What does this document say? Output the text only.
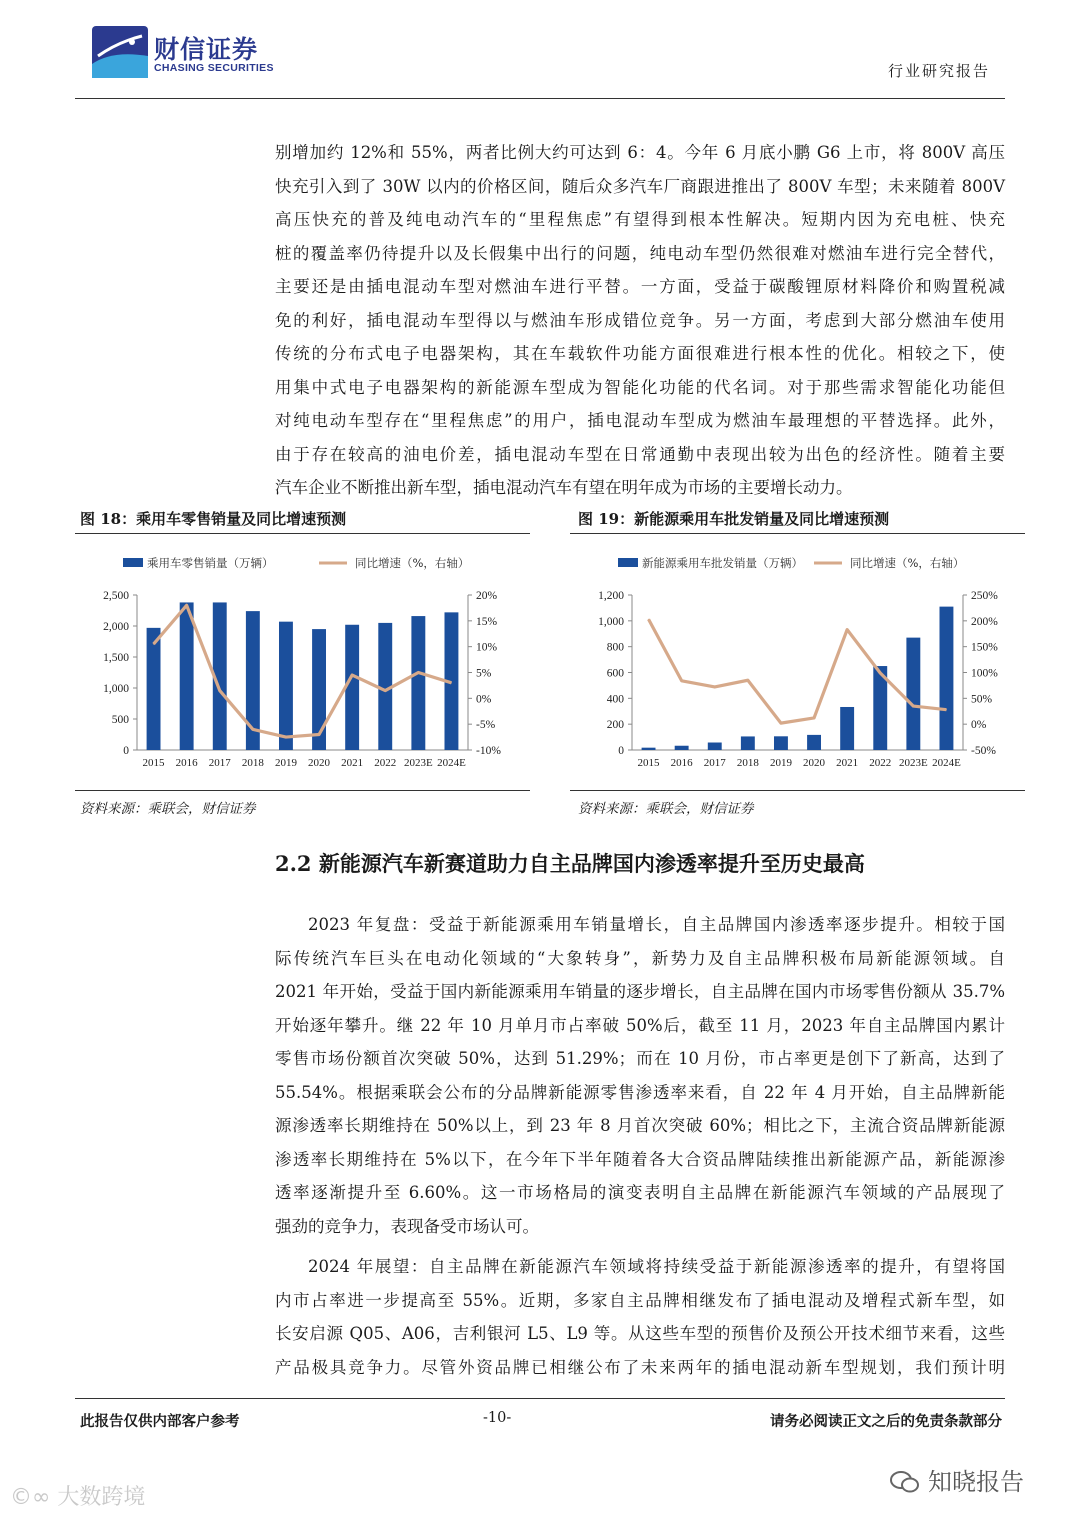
财信证券
CHASING SECURITIES	行业研究报告
别增加约 12%和 55%，两者比例大约可达到 6：4。今年 6 月底小鹏 G6 上市，将 800V 高压
快充引入到了 30W 以内的价格区间，随后众多汽车厂商跟进推出了 800V 车型；未来随着 800V
高压快充的普及纯电动汽车的“里程焦虑”有望得到根本性解决。短期内因为充电桩、快充
桩的覆盖率仍待提升以及长假集中出行的问题，纯电动车型仍然很难对燃油车进行完全替代，
主要还是由插电混动车型对燃油车进行平替。一方面，受益于碳酸锂原材料降价和购置税减
免的利好，插电混动车型得以与燃油车形成错位竞争。另一方面，考虑到大部分燃油车使用
传统的分布式电子电器架构，其在车载软件功能方面很难进行根本性的优化。相较之下，使
用集中式电子电器架构的新能源车型成为智能化功能的代名词。对于那些需求智能化功能但
对纯电动车型存在“里程焦虑”的用户，插电混动车型成为燃油车最理想的平替选择。此外，
由于存在较高的油电价差，插电混动车型在日常通勤中表现出较为出色的经济性。随着主要
汽车企业不断推出新车型，插电混动汽车有望在明年成为市场的主要增长动力。
图 18：乘用车零售销量及同比增速预测
乘用车零售销量（万辆）	同比增速（%，右轴）
0
500
1,000
1,500
2,000
2,500
-10%
-5%
0%
5%
10%
15%
20%
2015 2016 2017 2018 2019 2020 2021 2022 2023E 2024E
资料来源：乘联会，财信证券
图 19：新能源乘用车批发销量及同比增速预测
新能源乘用车批发销量（万辆）	同比增速（%，右轴）
0
200
400
600
800
1,000
1,200
-50%
0%
50%
100%
150%
200%
250%
2015 2016 2017 2018 2019 2020 2021 2022 2023E 2024E
资料来源：乘联会，财信证券
2.2 新能源汽车新赛道助力自主品牌国内渗透率提升至历史最高
2023 年复盘：受益于新能源乘用车销量增长，自主品牌国内渗透率逐步提升。相较于国
际传统汽车巨头在电动化领域的“大象转身”，新势力及自主品牌积极布局新能源领域。自
2021 年开始，受益于国内新能源乘用车销量的逐步增长，自主品牌在国内市场零售份额从 35.7%
开始逐年攀升。继 22 年 10 月单月市占率破 50%后，截至 11 月，2023 年自主品牌国内累计
零售市场份额首次突破 50%，达到 51.29%；而在 10 月份，市占率更是创下了新高，达到了
55.54%。根据乘联会公布的分品牌新能源零售渗透率来看，自 22 年 4 月开始，自主品牌新能
源渗透率长期维持在 50%以上，到 23 年 8 月首次突破 60%；相比之下，主流合资品牌新能源
渗透率长期维持在 5%以下，在今年下半年随着各大合资品牌陆续推出新能源产品，新能源渗
透率逐渐提升至 6.60%。这一市场格局的演变表明自主品牌在新能源汽车领域的产品展现了
强劲的竞争力，表现备受市场认可。
2024 年展望：自主品牌在新能源汽车领域将持续受益于新能源渗透率的提升，有望将国
内市占率进一步提高至 55%。近期，多家自主品牌相继发布了插电混动及增程式新车型，如
长安启源 Q05、A06，吉利银河 L5、L9 等。从这些车型的预售价及预公开技术细节来看，这些
产品极具竞争力。尽管外资品牌已相继公布了未来两年的插电混动新车型规划，我们预计明
此报告仅供内部客户参考	-10-	请务必阅读正文之后的免责条款部分
©∞ 大数跨境
知晓报告
